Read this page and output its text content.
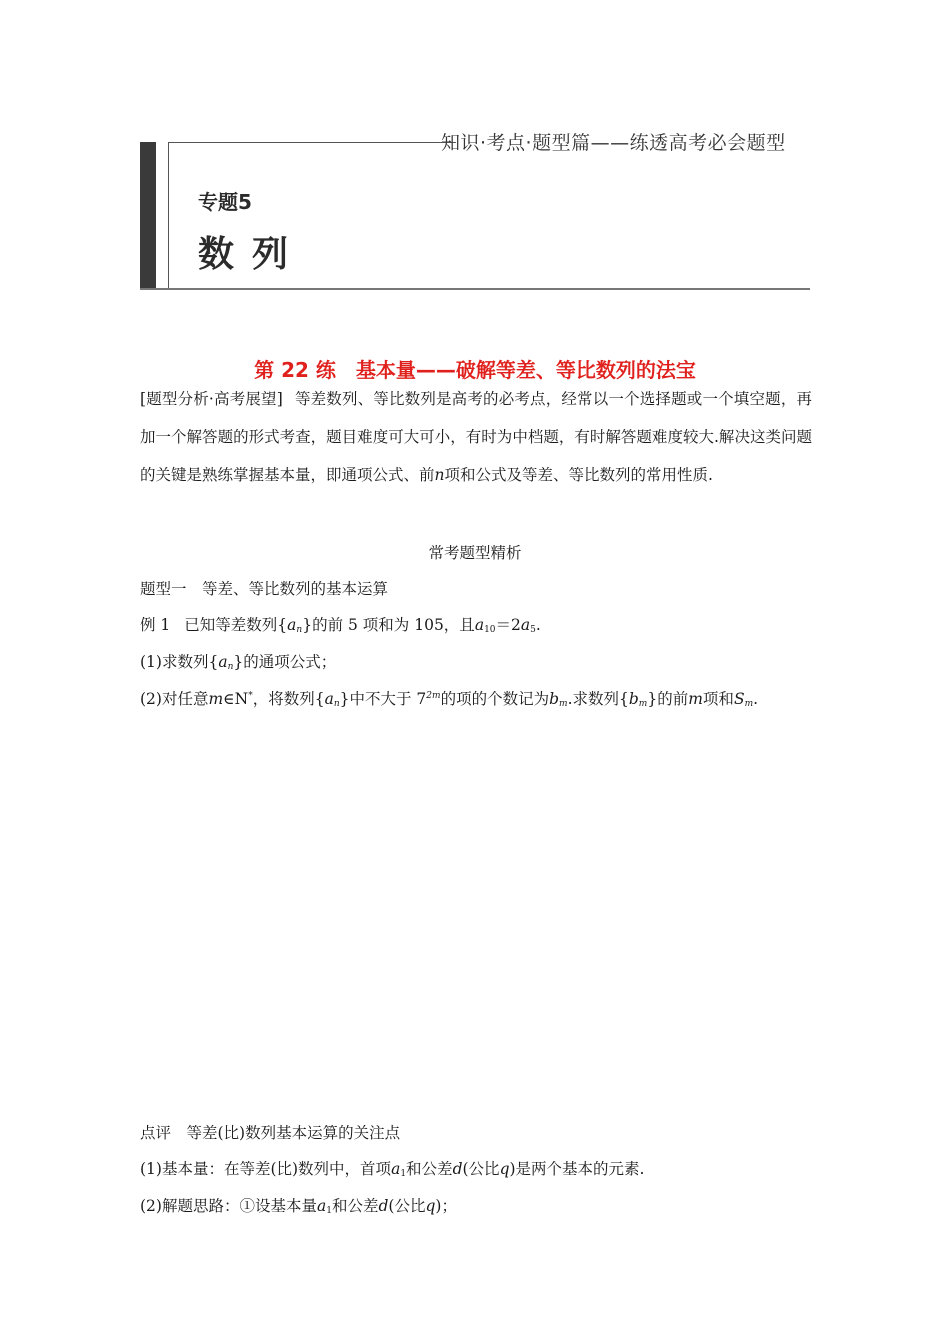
知识·考点·题型篇——练透高考必会题型
专题5
数列
第 22 练　基本量——破解等差、等比数列的法宝
[题型分析·高考展望] 等差数列、等比数列是高考的必考点，经常以一个选择题或一个填空题，再加一个解答题的形式考查，题目难度可大可小，有时为中档题，有时解答题难度较大.解决这类问题的关键是熟练掌握基本量，即通项公式、前n项和公式及等差、等比数列的常用性质.
常考题型精析
题型一　等差、等比数列的基本运算
例 1 已知等差数列$\{a_n\}$的前 5 项和为 105，且$a_{10}=2a_5$.
(1)求数列$\{a_n\}$的通项公式；
(2)对任意m∈N*，将数列$\{a_n\}$中不大于 $7^{2m}$的项的个数记为$b_m$.求数列$\{b_m\}$的前m项和$S_m$.
点评　等差(比)数列基本运算的关注点
(1)基本量：在等差(比)数列中，首项$a_1$和公差d(公比q)是两个基本的元素.
(2)解题思路：①设基本量$a_1$和公差d(公比q)；
